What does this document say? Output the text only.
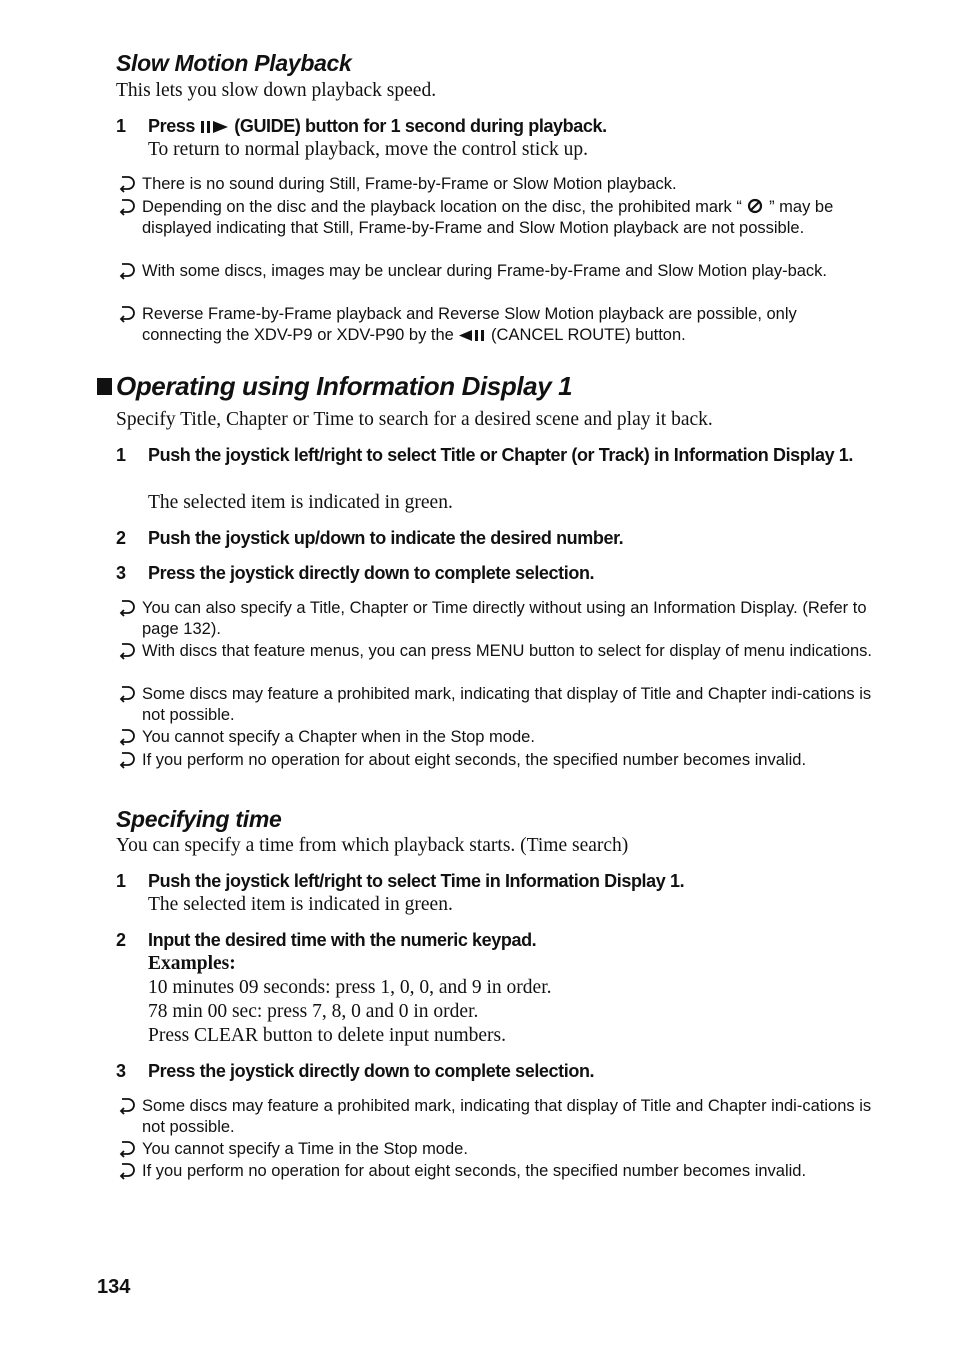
Slow Motion Playback

This lets you slow down playback speed.

1 Press (GUIDE) button for 1 second during playback.

To return to normal playback, move the control stick up.

There is no sound during Still, Frame-by-Frame or Slow Motion playback.
Depending on the disc and the playback location on the disc, the prohibited mark “ ” may be displayed indicating that Still, Frame-by-Frame and Slow Motion playback are not possible.
With some discs, images may be unclear during Frame-by-Frame and Slow Motion play-back.
Reverse Frame-by-Frame playback and Reverse Slow Motion playback are possible, only connecting the XDV-P9 or XDV-P90 by the (CANCEL ROUTE) button.
Operating using Information Display 1

Specify Title, Chapter or Time to search for a desired scene and play it back.

1 Push the joystick left/right to select Title or Chapter (or Track) in Information Display 1.

The selected item is indicated in green.

2 Push the joystick up/down to indicate the desired number.
3 Press the joystick directly down to complete selection.
You can also specify a Title, Chapter or Time directly without using an Information Display. (Refer to page 132).
With discs that feature menus, you can press MENU button to select for display of menu indications.
Some discs may feature a prohibited mark, indicating that display of Title and Chapter indi-cations is not possible.
You cannot specify a Chapter when in the Stop mode.
If you perform no operation for about eight seconds, the specified number becomes invalid.
Specifying time

You can specify a time from which playback starts. (Time search)

1 Push the joystick left/right to select Time in Information Display 1.

The selected item is indicated in green.

2 Input the desired time with the numeric keypad.

Examples:

10 minutes 09 seconds: press 1, 0, 0, and 9 in order.

78 min 00 sec: press 7, 8, 0 and 0 in order.

Press CLEAR button to delete input numbers.

3 Press the joystick directly down to complete selection.
Some discs may feature a prohibited mark, indicating that display of Title and Chapter indi-cations is not possible.
You cannot specify a Time in the Stop mode.
If you perform no operation for about eight seconds, the specified number becomes invalid.
134
